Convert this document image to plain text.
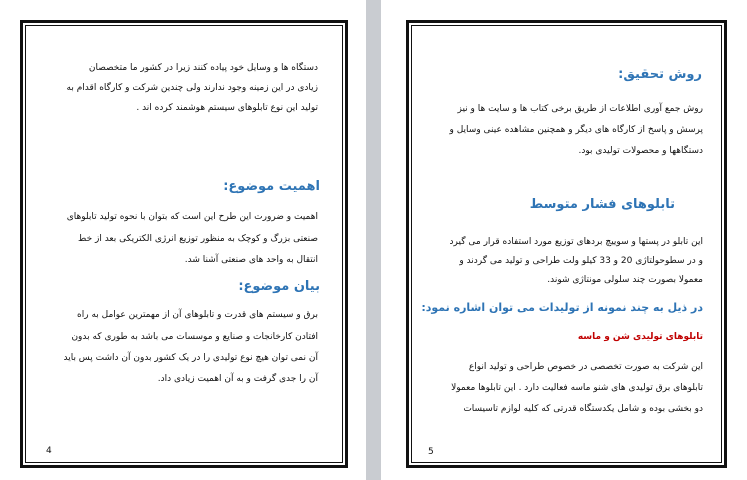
دستگاه ها و وسایل خود پیاده کنند زیرا در کشور ما متخصصان
زیادی در این زمینه وجود ندارند ولی چندین شرکت و کارگاه اقدام به
تولید این نوع تابلوهای سیستم هوشمند کرده اند .
اهمیت موضوع:
اهمیت و ضرورت این طرح این است که بتوان با نحوه تولید تابلوهای
صنعتی بزرگ و کوچک به منظور توزیع انرژی الکتریکی بعد از خط
انتقال به واحد های صنعتی آشنا شد.
بیان موضوع:
برق و سیستم های قدرت و تابلوهای آن از مهمترین عوامل به راه
افتادن کارخانجات و صنایع و موسسات می باشد به طوری که بدون
آن نمی توان هیچ نوع تولیدی را در یک کشور بدون آن داشت پس باید
آن را جدی گرفت و به آن اهمیت زیادی داد.
4
روش تحقیق:
روش جمع آوری اطلاعات از طریق برخی کتاب ها و سایت ها و نیز
پرسش و پاسخ از کارگاه های دیگر و همچنین مشاهده عینی وسایل و
دستگاهها و محصولات تولیدی بود.
تابلوهای فشار متوسط
این تابلو در پستها و سوییچ بردهای توزیع مورد استفاده قرار می گیرد
و در سطوحولتاژی 20 و 33 کیلو ولت طراحی و تولید می گردند و
معمولا بصورت چند سلولی مونتاژی شوند.
در ذیل به چند نمونه از تولیدات می توان اشاره نمود:
تابلوهای تولیدی شن و ماسه
این شرکت به صورت تخصصی در خصوص طراحی و تولید انواع
تابلوهای برق تولیدی های شنو ماسه فعالیت دارد . این تابلوها معمولا
دو بخشی بوده و شامل یکدستگاه قدرتی که کلیه لوازم تاسیسات
5
